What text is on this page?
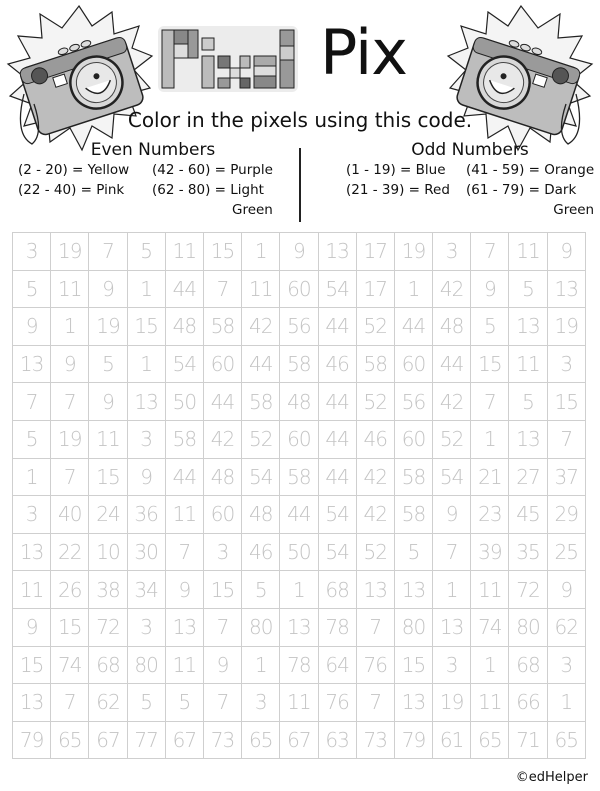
Pix
Color in the pixels using this code.
Even Numbers
(2 - 20) = Yellow
(22 - 40) = Pink
(42 - 60) = Purple
(62 - 80) = Light
Green
Odd Numbers
(1 - 19) = Blue
(21 - 39) = Red
(41 - 59) = Orange
(61 - 79) = Dark
Green
3	19	7	5	11	15	1	9	13	17	19	3	7	11	9
5	11	9	1	44	7	11	60	54	17	1	42	9	5	13
9	1	19	15	48	58	42	56	44	52	44	48	5	13	19
13	9	5	1	54	60	44	58	46	58	60	44	15	11	3
7	7	9	13	50	44	58	48	44	52	56	42	7	5	15
5	19	11	3	58	42	52	60	44	46	60	52	1	13	7
1	7	15	9	44	48	54	58	44	42	58	54	21	27	37
3	40	24	36	11	60	48	44	54	42	58	9	23	45	29
13	22	10	30	7	3	46	50	54	52	5	7	39	35	25
11	26	38	34	9	15	5	1	68	13	13	1	11	72	9
9	15	72	3	13	7	80	13	78	7	80	13	74	80	62
15	74	68	80	11	9	1	78	64	76	15	3	1	68	3
13	7	62	5	5	7	3	11	76	7	13	19	11	66	1
79	65	67	77	67	73	65	67	63	73	79	61	65	71	65
©edHelper
